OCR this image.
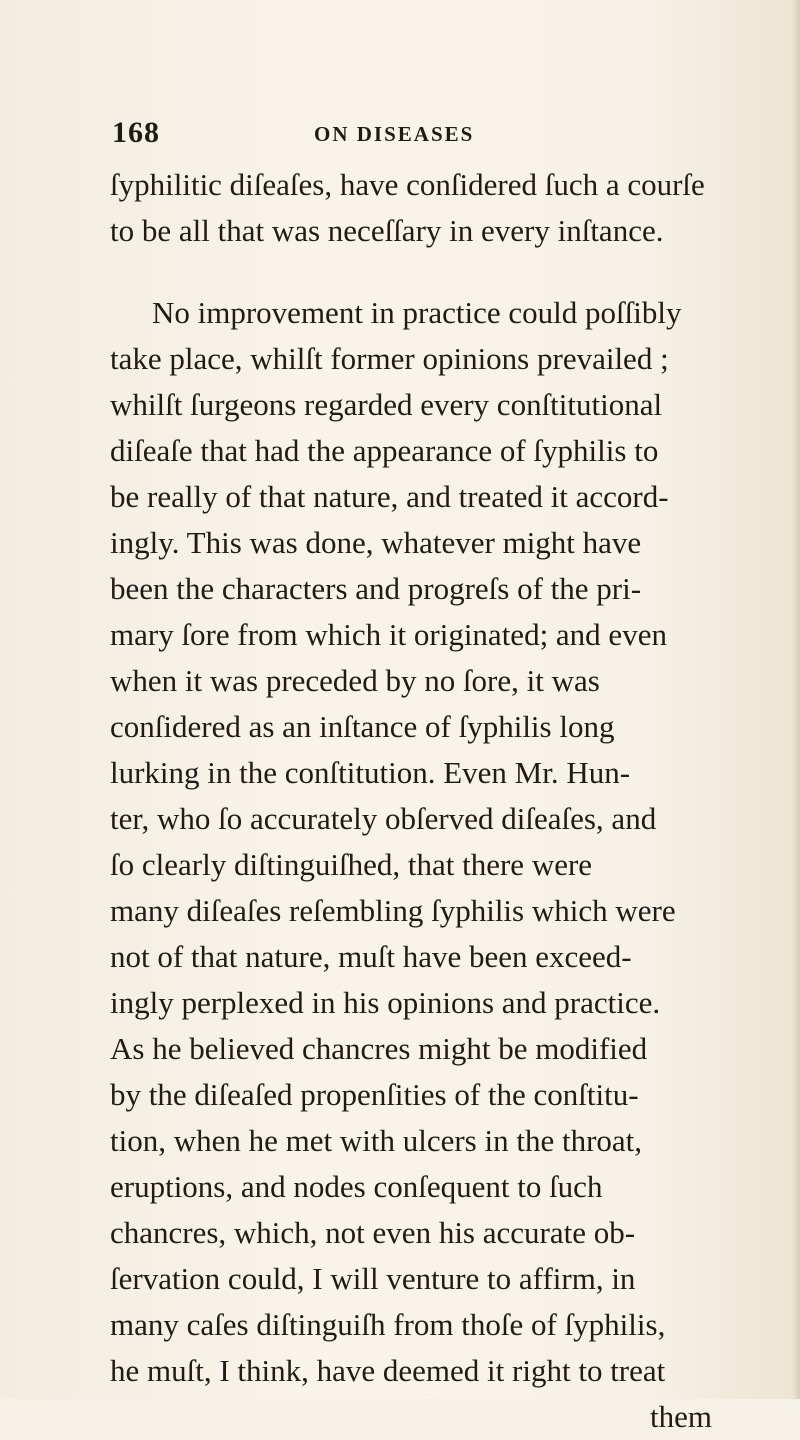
168	ON DISEASES
ſyphilitic diſeaſes, have conſidered ſuch a courſe
to be all that was neceſſary in every inſtance.
No improvement in practice could poſſibly
take place, whilſt former opinions prevailed ;
whilſt ſurgeons regarded every conſtitutional
diſeaſe that had the appearance of ſyphilis to
be really of that nature, and treated it accord-
ingly. This was done, whatever might have
been the characters and progreſs of the pri-
mary ſore from which it originated; and even
when it was preceded by no ſore, it was
conſidered as an inſtance of ſyphilis long
lurking in the conſtitution. Even Mr. Hun-
ter, who ſo accurately obſerved diſeaſes, and
ſo clearly diſtinguiſhed, that there were
many diſeaſes reſembling ſyphilis which were
not of that nature, muſt have been exceed-
ingly perplexed in his opinions and practice.
As he believed chancres might be modified
by the diſeaſed propenſities of the conſtitu-
tion, when he met with ulcers in the throat,
eruptions, and nodes conſequent to ſuch
chancres, which, not even his accurate ob-
ſervation could, I will venture to affirm, in
many caſes diſtinguiſh from thoſe of ſyphilis,
he muſt, I think, have deemed it right to treat
them
